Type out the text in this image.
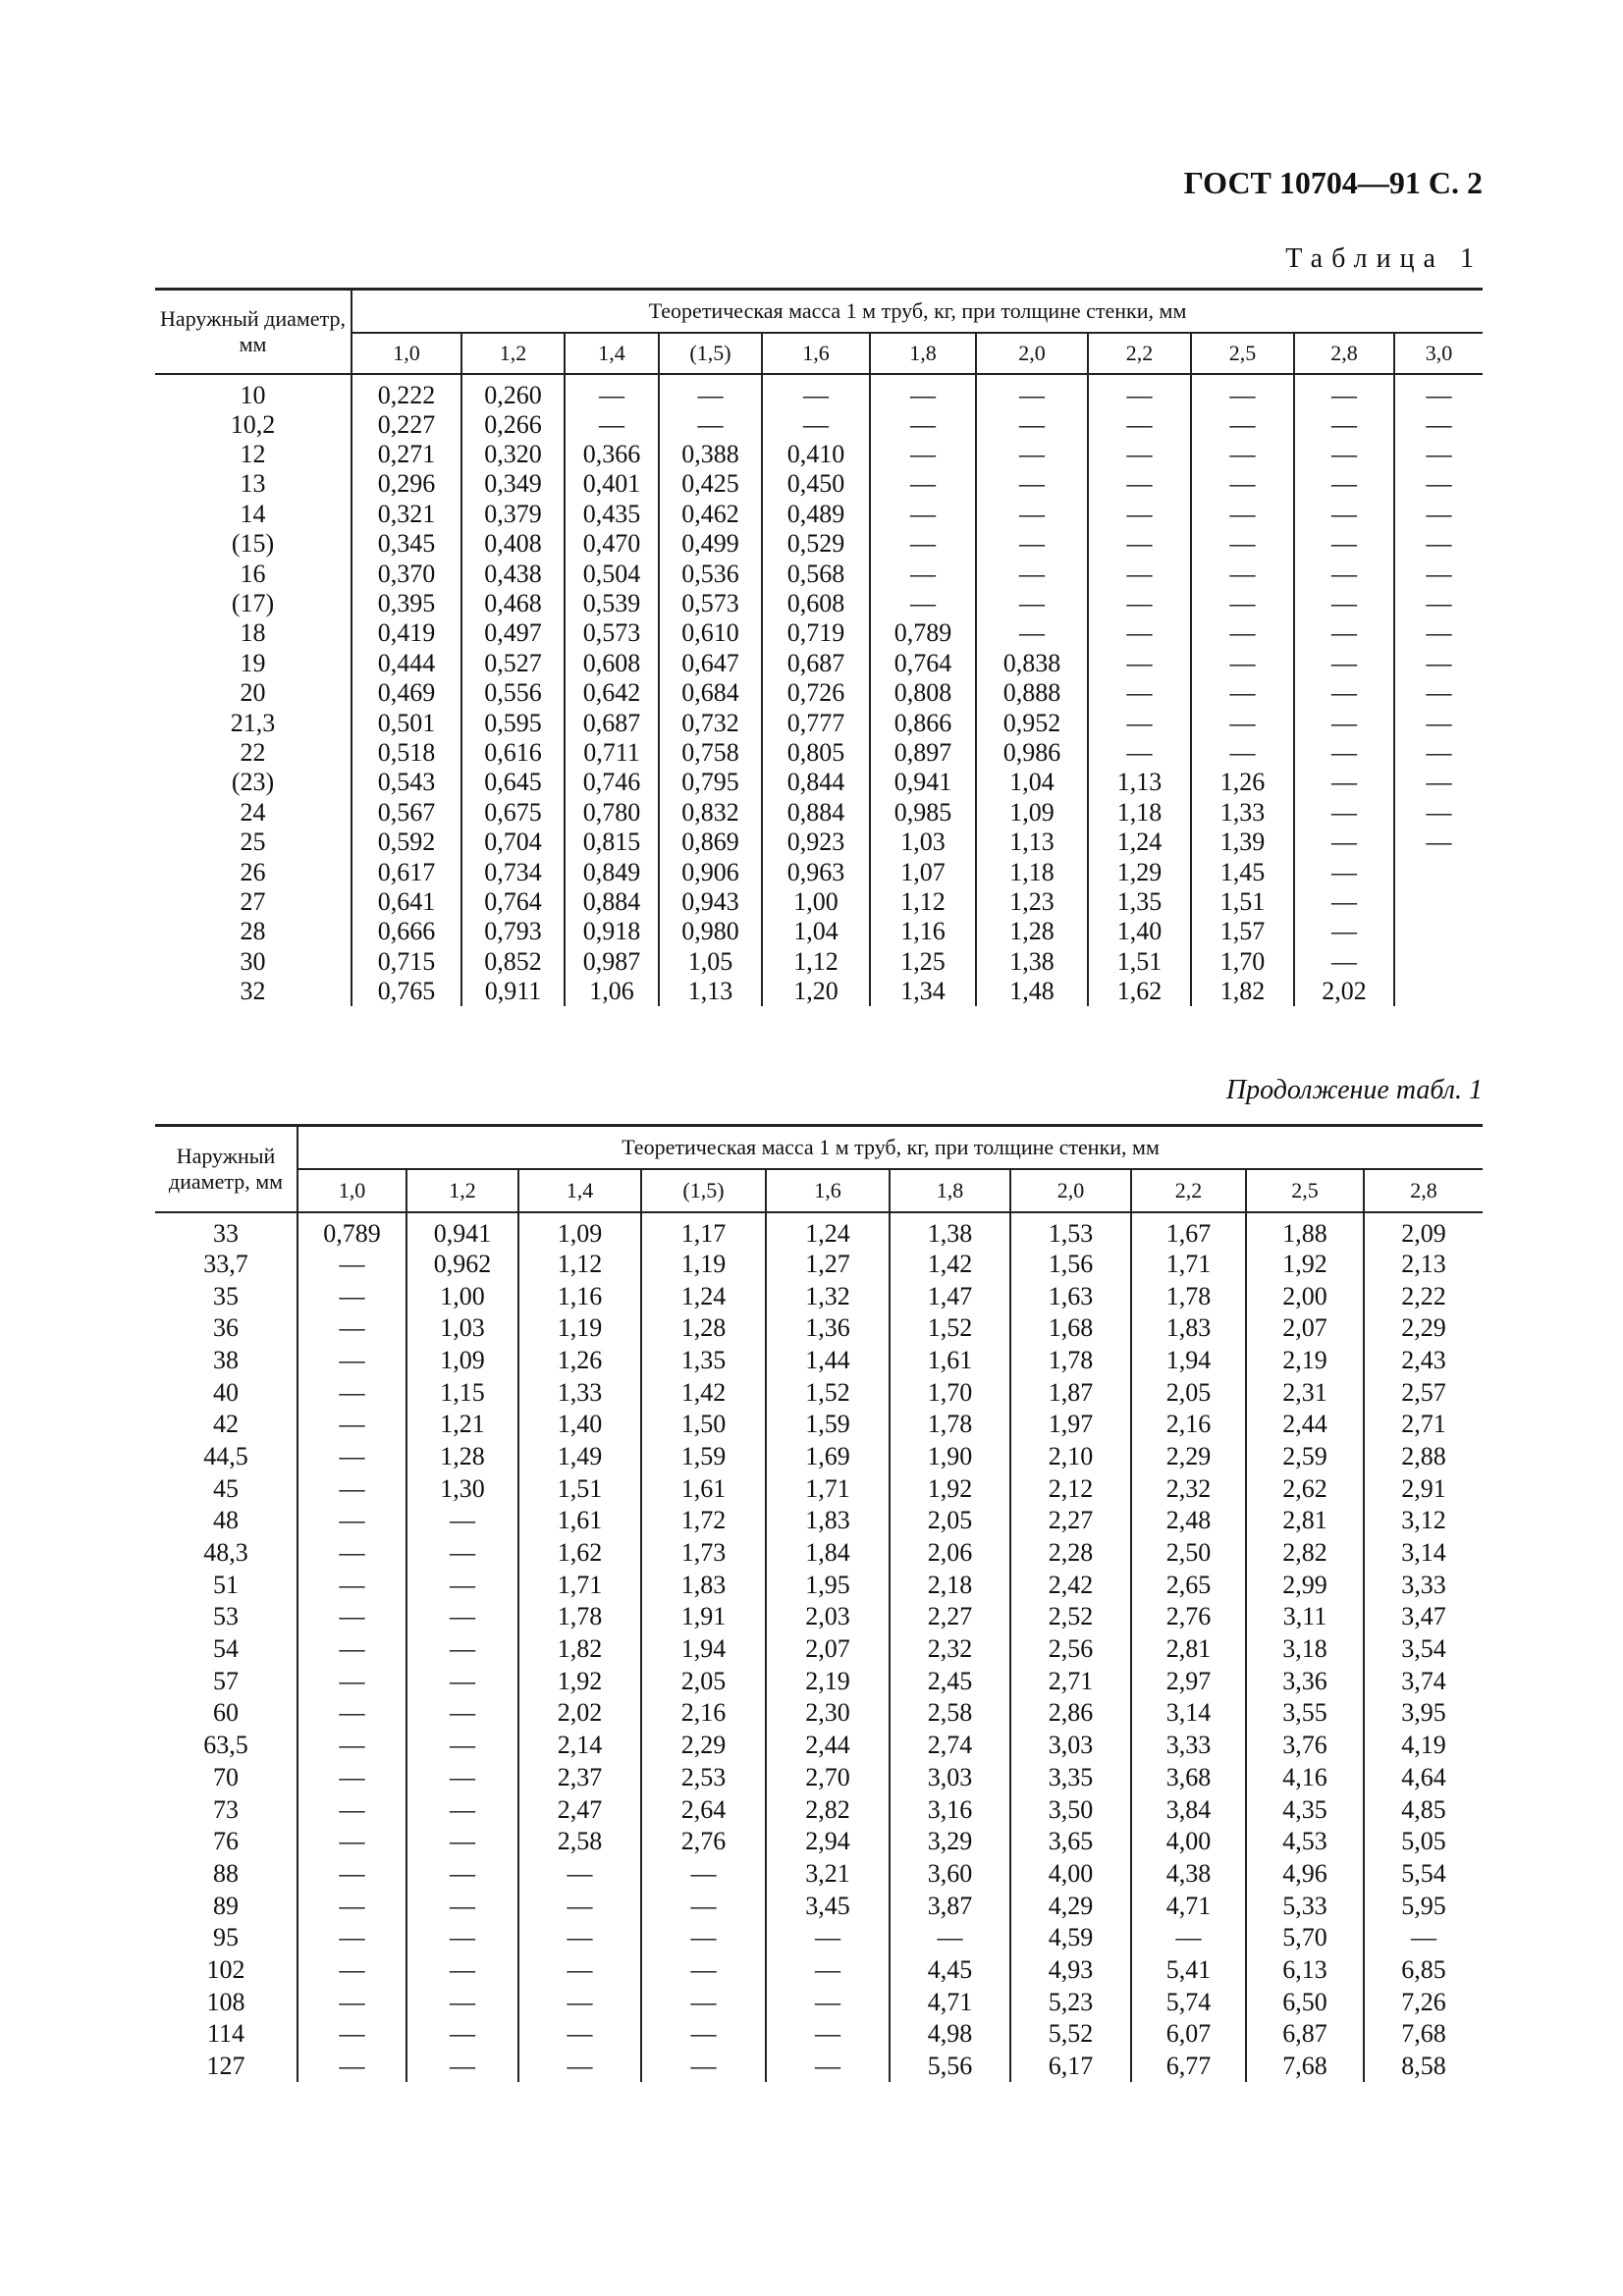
ГОСТ 10704—91 С. 2
Таблица 1
Продолжение табл. 1
Наружный диаметр, мм	Теоретическая масса 1 м труб, кг, при толщине стенки, мм										
	1,0	1,2	1,4	(1,5)	1,6	1,8	2,0	2,2	2,5	2,8	3,0
10	0,222	0,260	—	—	—	—	—	—	—	—	—
10,2	0,227	0,266	—	—	—	—	—	—	—	—	—
12	0,271	0,320	0,366	0,388	0,410	—	—	—	—	—	—
13	0,296	0,349	0,401	0,425	0,450	—	—	—	—	—	—
14	0,321	0,379	0,435	0,462	0,489	—	—	—	—	—	—
(15)	0,345	0,408	0,470	0,499	0,529	—	—	—	—	—	—
16	0,370	0,438	0,504	0,536	0,568	—	—	—	—	—	—
(17)	0,395	0,468	0,539	0,573	0,608	—	—	—	—	—	—
18	0,419	0,497	0,573	0,610	0,719	0,789	—	—	—	—	—
19	0,444	0,527	0,608	0,647	0,687	0,764	0,838	—	—	—	—
20	0,469	0,556	0,642	0,684	0,726	0,808	0,888	—	—	—	—
21,3	0,501	0,595	0,687	0,732	0,777	0,866	0,952	—	—	—	—
22	0,518	0,616	0,711	0,758	0,805	0,897	0,986	—	—	—	—
(23)	0,543	0,645	0,746	0,795	0,844	0,941	1,04	1,13	1,26	—	—
24	0,567	0,675	0,780	0,832	0,884	0,985	1,09	1,18	1,33	—	—
25	0,592	0,704	0,815	0,869	0,923	1,03	1,13	1,24	1,39	—	—
26	0,617	0,734	0,849	0,906	0,963	1,07	1,18	1,29	1,45	—	
27	0,641	0,764	0,884	0,943	1,00	1,12	1,23	1,35	1,51	—	
28	0,666	0,793	0,918	0,980	1,04	1,16	1,28	1,40	1,57	—	
30	0,715	0,852	0,987	1,05	1,12	1,25	1,38	1,51	1,70	—	
32	0,765	0,911	1,06	1,13	1,20	1,34	1,48	1,62	1,82	2,02	
Наружный диаметр, мм	Теоретическая масса 1 м труб, кг, при толщине стенки, мм									
	1,0	1,2	1,4	(1,5)	1,6	1,8	2,0	2,2	2,5	2,8
33	0,789	0,941	1,09	1,17	1,24	1,38	1,53	1,67	1,88	2,09
33,7	—	0,962	1,12	1,19	1,27	1,42	1,56	1,71	1,92	2,13
35	—	1,00	1,16	1,24	1,32	1,47	1,63	1,78	2,00	2,22
36	—	1,03	1,19	1,28	1,36	1,52	1,68	1,83	2,07	2,29
38	—	1,09	1,26	1,35	1,44	1,61	1,78	1,94	2,19	2,43
40	—	1,15	1,33	1,42	1,52	1,70	1,87	2,05	2,31	2,57
42	—	1,21	1,40	1,50	1,59	1,78	1,97	2,16	2,44	2,71
44,5	—	1,28	1,49	1,59	1,69	1,90	2,10	2,29	2,59	2,88
45	—	1,30	1,51	1,61	1,71	1,92	2,12	2,32	2,62	2,91
48	—	—	1,61	1,72	1,83	2,05	2,27	2,48	2,81	3,12
48,3	—	—	1,62	1,73	1,84	2,06	2,28	2,50	2,82	3,14
51	—	—	1,71	1,83	1,95	2,18	2,42	2,65	2,99	3,33
53	—	—	1,78	1,91	2,03	2,27	2,52	2,76	3,11	3,47
54	—	—	1,82	1,94	2,07	2,32	2,56	2,81	3,18	3,54
57	—	—	1,92	2,05	2,19	2,45	2,71	2,97	3,36	3,74
60	—	—	2,02	2,16	2,30	2,58	2,86	3,14	3,55	3,95
63,5	—	—	2,14	2,29	2,44	2,74	3,03	3,33	3,76	4,19
70	—	—	2,37	2,53	2,70	3,03	3,35	3,68	4,16	4,64
73	—	—	2,47	2,64	2,82	3,16	3,50	3,84	4,35	4,85
76	—	—	2,58	2,76	2,94	3,29	3,65	4,00	4,53	5,05
88	—	—	—	—	3,21	3,60	4,00	4,38	4,96	5,54
89	—	—	—	—	3,45	3,87	4,29	4,71	5,33	5,95
95	—	—	—	—	—	—	4,59	—	5,70	—
102	—	—	—	—	—	4,45	4,93	5,41	6,13	6,85
108	—	—	—	—	—	4,71	5,23	5,74	6,50	7,26
114	—	—	—	—	—	4,98	5,52	6,07	6,87	7,68
127	—	—	—	—	—	5,56	6,17	6,77	7,68	8,58
